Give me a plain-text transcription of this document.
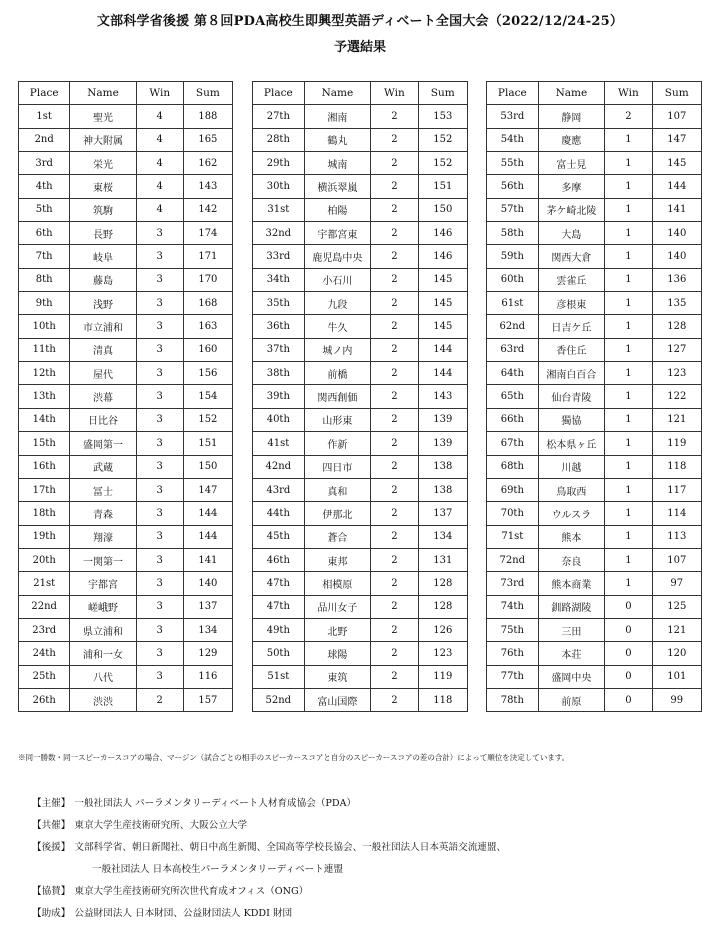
文部科学省後援 第８回PDA高校生即興型英語ディベート全国大会（2022/12/24-25）
予選結果
Place	Name	Win	Sum
1st	聖光	4	188
2nd	神大附属	4	165
3rd	栄光	4	162
4th	東桜	4	143
5th	筑駒	4	142
6th	長野	3	174
7th	岐阜	3	171
8th	藤島	3	170
9th	浅野	3	168
10th	市立浦和	3	163
11th	清真	3	160
12th	屋代	3	156
13th	渋幕	3	154
14th	日比谷	3	152
15th	盛岡第一	3	151
16th	武蔵	3	150
17th	冨士	3	147
18th	青森	3	144
19th	翔濠	3	144
20th	一関第一	3	141
21st	宇都宮	3	140
22nd	嵯峨野	3	137
23rd	県立浦和	3	134
24th	浦和一女	3	129
25th	八代	3	116
26th	渋渋	2	157
Place	Name	Win	Sum
27th	湘南	2	153
28th	鶴丸	2	152
29th	城南	2	152
30th	横浜翠嵐	2	151
31st	柏陽	2	150
32nd	宇都宮東	2	146
33rd	鹿児島中央	2	146
34th	小石川	2	145
35th	九段	2	145
36th	牛久	2	145
37th	城ノ内	2	144
38th	前橋	2	144
39th	関西創価	2	143
40th	山形東	2	139
41st	作新	2	139
42nd	四日市	2	138
43rd	真和	2	138
44th	伊那北	2	137
45th	蒼合	2	134
46th	東邦	2	131
47th	相模原	2	128
47th	品川女子	2	128
49th	北野	2	126
50th	球陽	2	123
51st	東筑	2	119
52nd	富山国際	2	118
Place	Name	Win	Sum
53rd	静岡	2	107
54th	慶應	1	147
55th	富士見	1	145
56th	多摩	1	144
57th	茅ケ崎北陵	1	141
58th	大島	1	140
59th	関西大倉	1	140
60th	雲雀丘	1	136
61st	彦根東	1	135
62nd	日吉ケ丘	1	128
63rd	香住丘	1	127
64th	湘南白百合	1	123
65th	仙台青陵	1	122
66th	獨協	1	121
67th	松本県ヶ丘	1	119
68th	川越	1	118
69th	鳥取西	1	117
70th	ウルスラ	1	114
71st	熊本	1	113
72nd	奈良	1	107
73rd	熊本商業	1	97
74th	釧路湖陵	0	125
75th	三田	0	121
76th	本荘	0	120
77th	盛岡中央	0	101
78th	前原	0	99
※同一勝数・同一スピーカースコアの場合、マージン（試合ごとの相手のスピーカースコアと自分のスピーカースコアの差の合計）によって順位を決定しています。
【主催】 一般社団法人 パーラメンタリーディベート人材育成協会（PDA）
【共催】 東京大学生産技術研究所、大阪公立大学
【後援】 文部科学省、朝日新聞社、朝日中高生新聞、全国高等学校長協会、一般社団法人日本英語交流連盟、
一般社団法人 日本高校生パーラメンタリーディベート連盟
【協賛】 東京大学生産技術研究所次世代育成オフィス（ONG）
【助成】 公益財団法人 日本財団、公益財団法人 KDDI 財団
